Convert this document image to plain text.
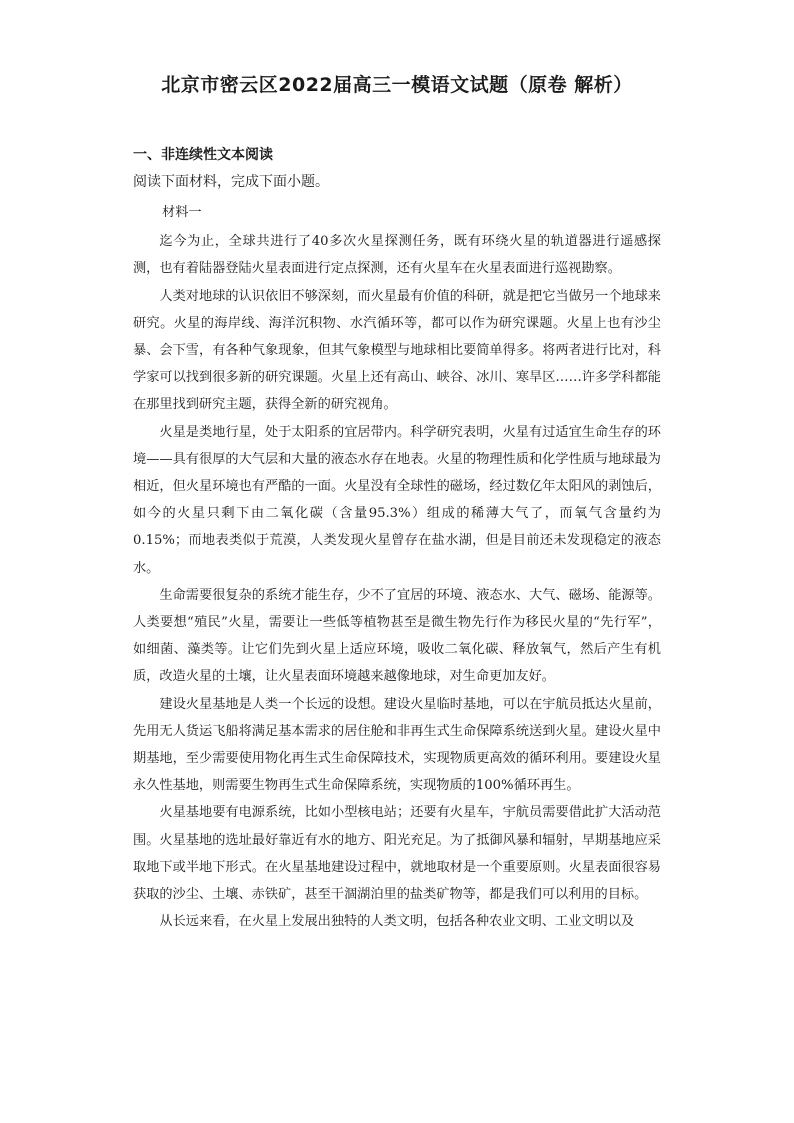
北京市密云区2022届高三一模语文试题（原卷 解析）
一、非连续性文本阅读
阅读下面材料，完成下面小题。

材料一

迄今为止，全球共进行了40多次火星探测任务，既有环绕火星的轨道器进行遥感探测，也有着陆器登陆火星表面进行定点探测，还有火星车在火星表面进行巡视勘察。

人类对地球的认识依旧不够深刻，而火星最有价值的科研，就是把它当做另一个地球来研究。火星的海岸线、海洋沉积物、水汽循环等，都可以作为研究课题。火星上也有沙尘暴、会下雪，有各种气象现象，但其气象模型与地球相比要简单得多。将两者进行比对，科学家可以找到很多新的研究课题。火星上还有高山、峡谷、冰川、寒旱区……许多学科都能在那里找到研究主题，获得全新的研究视角。

火星是类地行星，处于太阳系的宜居带内。科学研究表明，火星有过适宜生命生存的环境——具有很厚的大气层和大量的液态水存在地表。火星的物理性质和化学性质与地球最为相近，但火星环境也有严酷的一面。火星没有全球性的磁场，经过数亿年太阳风的剥蚀后，如今的火星只剩下由二氧化碳（含量95.3%）组成的稀薄大气了，而氧气含量约为0.15%；而地表类似于荒漠，人类发现火星曾存在盐水湖，但是目前还未发现稳定的液态水。

生命需要很复杂的系统才能生存，少不了宜居的环境、液态水、大气、磁场、能源等。人类要想“殖民”火星，需要让一些低等植物甚至是微生物先行作为移民火星的“先行军”，如细菌、藻类等。让它们先到火星上适应环境，吸收二氧化碳、释放氧气，然后产生有机质，改造火星的土壤，让火星表面环境越来越像地球，对生命更加友好。

建设火星基地是人类一个长远的设想。建设火星临时基地，可以在宇航员抵达火星前，先用无人货运飞船将满足基本需求的居住舱和非再生式生命保障系统送到火星。建设火星中期基地，至少需要使用物化再生式生命保障技术，实现物质更高效的循环利用。要建设火星永久性基地，则需要生物再生式生命保障系统，实现物质的100%循环再生。

火星基地要有电源系统，比如小型核电站；还要有火星车，宇航员需要借此扩大活动范围。火星基地的选址最好靠近有水的地方、阳光充足。为了抵御风暴和辐射，早期基地应采取地下或半地下形式。在火星基地建设过程中，就地取材是一个重要原则。火星表面很容易获取的沙尘、土壤、赤铁矿，甚至干涸湖泊里的盐类矿物等，都是我们可以利用的目标。

从长远来看，在火星上发展出独特的人类文明，包括各种农业文明、工业文明以及
